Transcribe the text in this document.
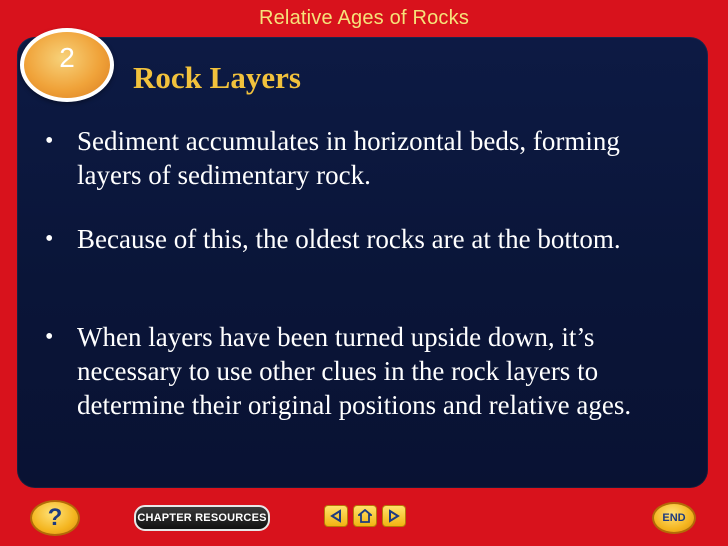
Relative Ages of Rocks
2
Rock Layers
• Sediment accumulates in horizontal beds, forming layers of sedimentary rock.
• Because of this, the oldest rocks are at the bottom.
• When layers have been turned upside down, it’s necessary to use other clues in the rock layers to determine their original positions and relative ages.
?	CHAPTER RESOURCES	END
